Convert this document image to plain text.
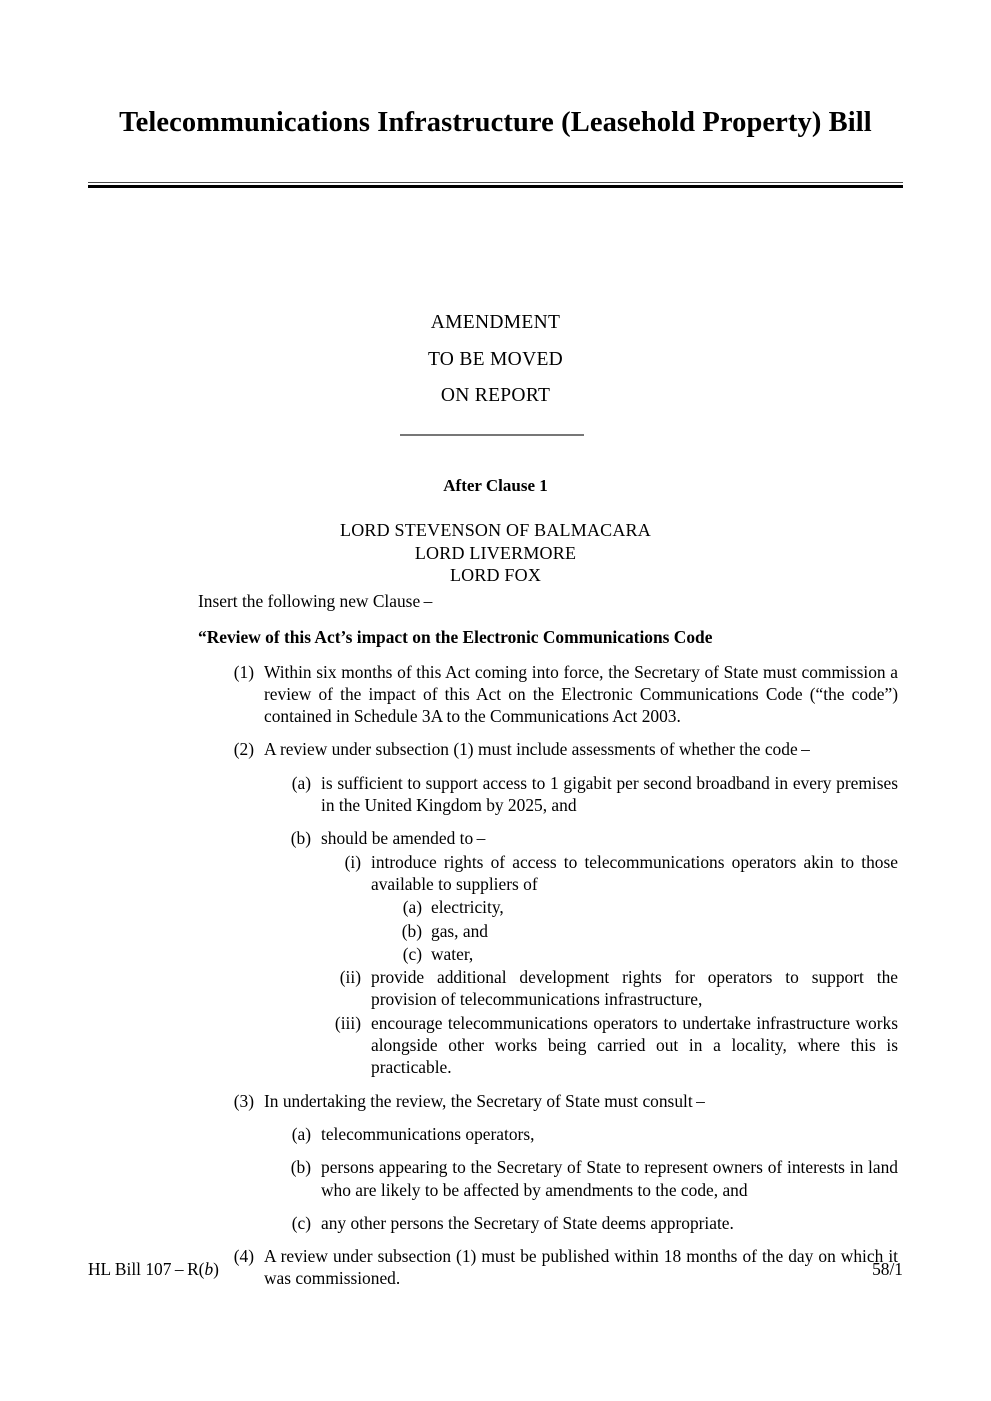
Telecommunications Infrastructure (Leasehold Property) Bill
AMENDMENT
TO BE MOVED
ON REPORT
After Clause 1
LORD STEVENSON OF BALMACARA
LORD LIVERMORE
LORD FOX

Insert the following new Clause –

“Review of this Act’s impact on the Electronic Communications Code

(1) Within six months of this Act coming into force, the Secretary of State must commission a review of the impact of this Act on the Electronic Communications Code (“the code”) contained in Schedule 3A to the Communications Act 2003.
(2) A review under subsection (1) must include assessments of whether the code –
(a) is sufficient to support access to 1 gigabit per second broadband in every premises in the United Kingdom by 2025, and
(b) should be amended to –
(i) introduce rights of access to telecommunications operators akin to those available to suppliers of
(a) electricity,
(b) gas, and
(c) water,
(ii) provide additional development rights for operators to support the provision of telecommunications infrastructure,
(iii) encourage telecommunications operators to undertake infrastructure works alongside other works being carried out in a locality, where this is practicable.
(3) In undertaking the review, the Secretary of State must consult –
(a) telecommunications operators,
(b) persons appearing to the Secretary of State to represent owners of interests in land who are likely to be affected by amendments to the code, and
(c) any other persons the Secretary of State deems appropriate.
(4) A review under subsection (1) must be published within 18 months of the day on which it was commissioned.
HL Bill 107 – R(b)	58/1
